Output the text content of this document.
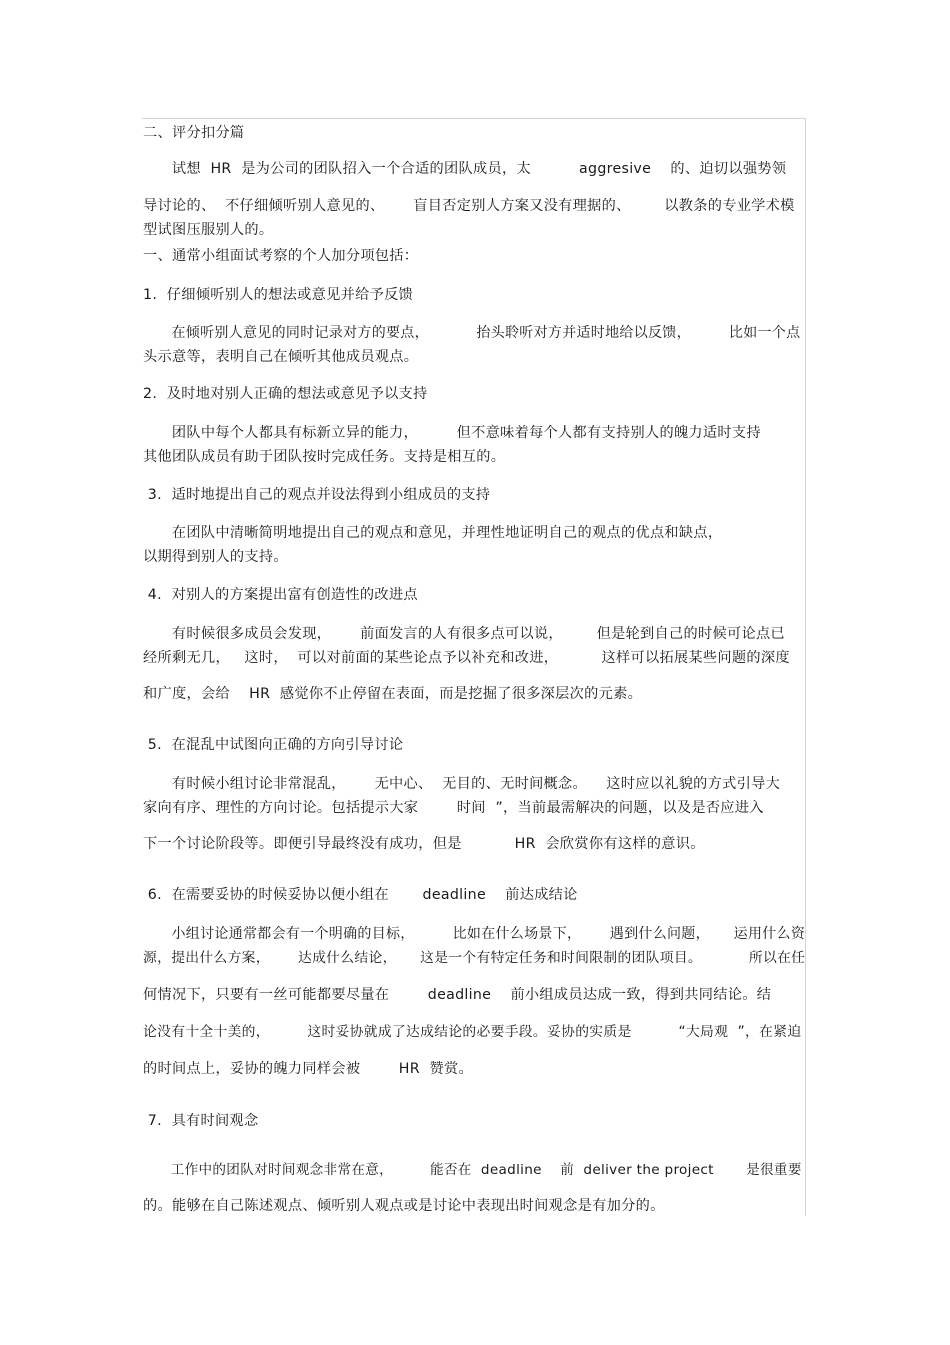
二、评分扣分篇
试想  HR  是为公司的团队招入一个合适的团队成员，太          aggresive    的、迫切以强势领
导讨论的、  不仔细倾听别人意见的、      盲目否定别人方案又没有理据的、       以教条的专业学术模
型试图压服别人的。
一、通常小组面试考察的个人加分项包括：
1.  仔细倾听别人的想法或意见并给予反馈
在倾听别人意见的同时记录对方的要点，          抬头聆听对方并适时地给以反馈，        比如一个点
头示意等，表明自己在倾听其他成员观点。
2.  及时地对别人正确的想法或意见予以支持
团队中每个人都具有标新立异的能力，        但不意味着每个人都有支持别人的魄力适时支持
其他团队成员有助于团队按时完成任务。支持是相互的。
3.  适时地提出自己的观点并设法得到小组成员的支持
在团队中清晰简明地提出自己的观点和意见，并理性地证明自己的观点的优点和缺点，
以期得到别人的支持。
4.  对别人的方案提出富有创造性的改进点
有时候很多成员会发现，      前面发言的人有很多点可以说，       但是轮到自己的时候可论点已
经所剩无几，   这时，  可以对前面的某些论点予以补充和改进，         这样可以拓展某些问题的深度
和广度，会给    HR  感觉你不止停留在表面，而是挖掘了很多深层次的元素。
5.  在混乱中试图向正确的方向引导讨论
有时候小组讨论非常混乱，      无中心、  无目的、无时间概念。    这时应以礼貌的方式引导大
家向有序、理性的方向讨论。包括提示大家        时间  ”，当前最需解决的问题，以及是否应进入
下一个讨论阶段等。即便引导最终没有成功，但是           HR  会欣赏你有这样的意识。
6.  在需要妥协的时候妥协以便小组在       deadline    前达成结论
小组讨论通常都会有一个明确的目标，        比如在什么场景下，      遇到什么问题，     运用什么资
源，提出什么方案，      达成什么结论，     这是一个有特定任务和时间限制的团队项目。          所以在任
何情况下，只要有一丝可能都要尽量在        deadline    前小组成员达成一致，得到共同结论。结
论没有十全十美的，        这时妥协就成了达成结论的必要手段。妥协的实质是          “大局观  ”，在紧迫
的时间点上，妥协的魄力同样会被        HR  赞赏。
7.  具有时间观念
工作中的团队对时间观念非常在意，        能否在  deadline    前  deliver the project       是很重要
的。能够在自己陈述观点、倾听别人观点或是讨论中表现出时间观念是有加分的。
